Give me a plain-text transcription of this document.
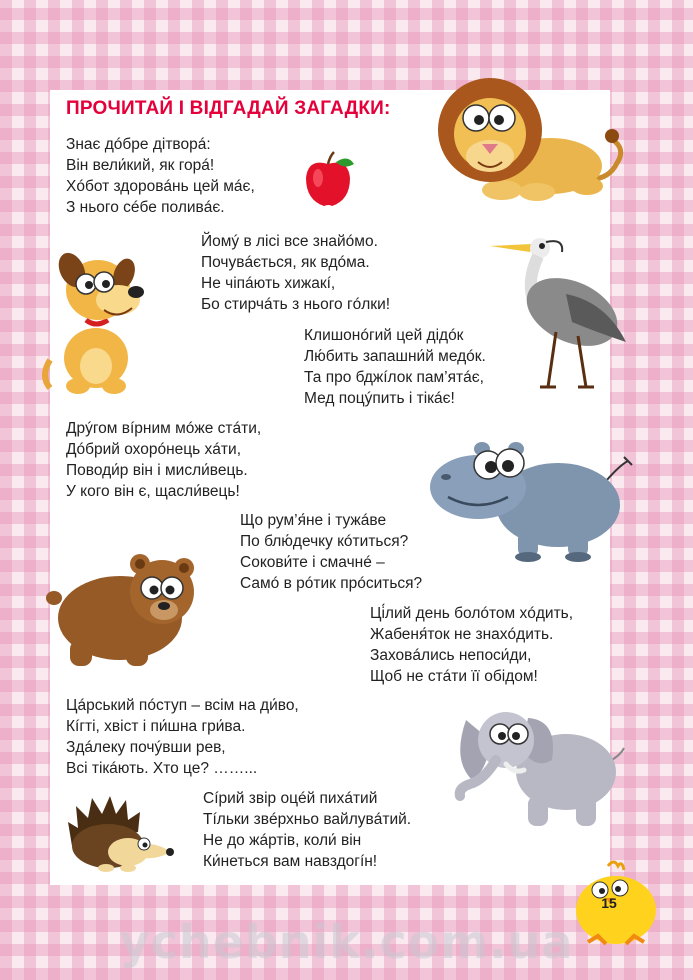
ПРОЧИТАЙ І ВІДГАДАЙ ЗАГАДКИ:
Знає дóбре дітворá:
Він вели́кий, як горá!
Хóбот здоровáнь цей мáє,
З нього сéбе поливáє.
Йомý в лісі все знайóмо.
Почувáється, як вдóма.
Не чіпáють хижакí,
Бо стирчáть з нього гóлки!
Клишонóгий цей дідóк
Лю́бить запашни́й медóк.
Та про бджíлок пам’ятáє,
Мед поцýпить і тікáє!
Дрýгом вíрним мóже стáти,
Дóбрий охорóнець хáти,
Поводи́р він і мисли́вець.
У кого він є, щасли́вець!
Що рум’я́не і тужáве
По блю́дечку кóтиться?
Сокови́те і смачнé –
Самó в рóтик прóситься?
Ці́лий день болóтом хóдить,
Жабеня́ток не знахóдить.
Заховáлись непоси́ди,
Щоб не стáти її обідом!
Цáрський пóступ – всім на ди́во,
Кíгті, хвіст і пи́шна гри́ва.
Здáлеку почýвши рев,
Всі тікáють. Хто це? ……...
Сíрий звір оцéй пихáтий
Тíльки звéрхньо вайлувáтий.
Не до жáртів, коли́ він
Ки́неться вам навздогíн!
15
ychebnik.com.ua
